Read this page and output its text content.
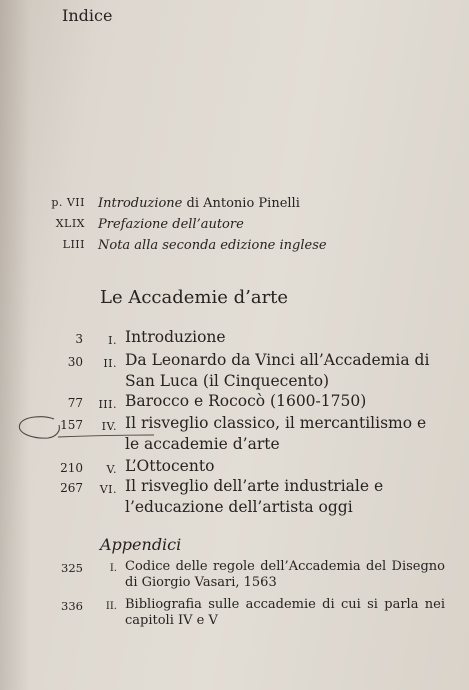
Indice
p. VII Introduzione di Antonio Pinelli
XLIX Prefazione dell’autore
LIII Nota alla seconda edizione inglese
Le Accademie d’arte
3 I. Introduzione
30 II. Da Leonardo da Vinci all’Accademia di San Luca (il Cinquecento)
77 III. Barocco e Rococò (1600-1750)
157 IV. Il risveglio classico, il mercantilismo e le accademie d’arte
210 V. L’Ottocento
267 VI. Il risveglio dell’arte industriale e l’educazione dell’artista oggi
Appendici
325	I. Codice delle regole dell’Accademia del Disegno di Giorgio Vasari, 1563
336 II. Bibliografia sulle accademie di cui si parla nei capitoli IV e V
